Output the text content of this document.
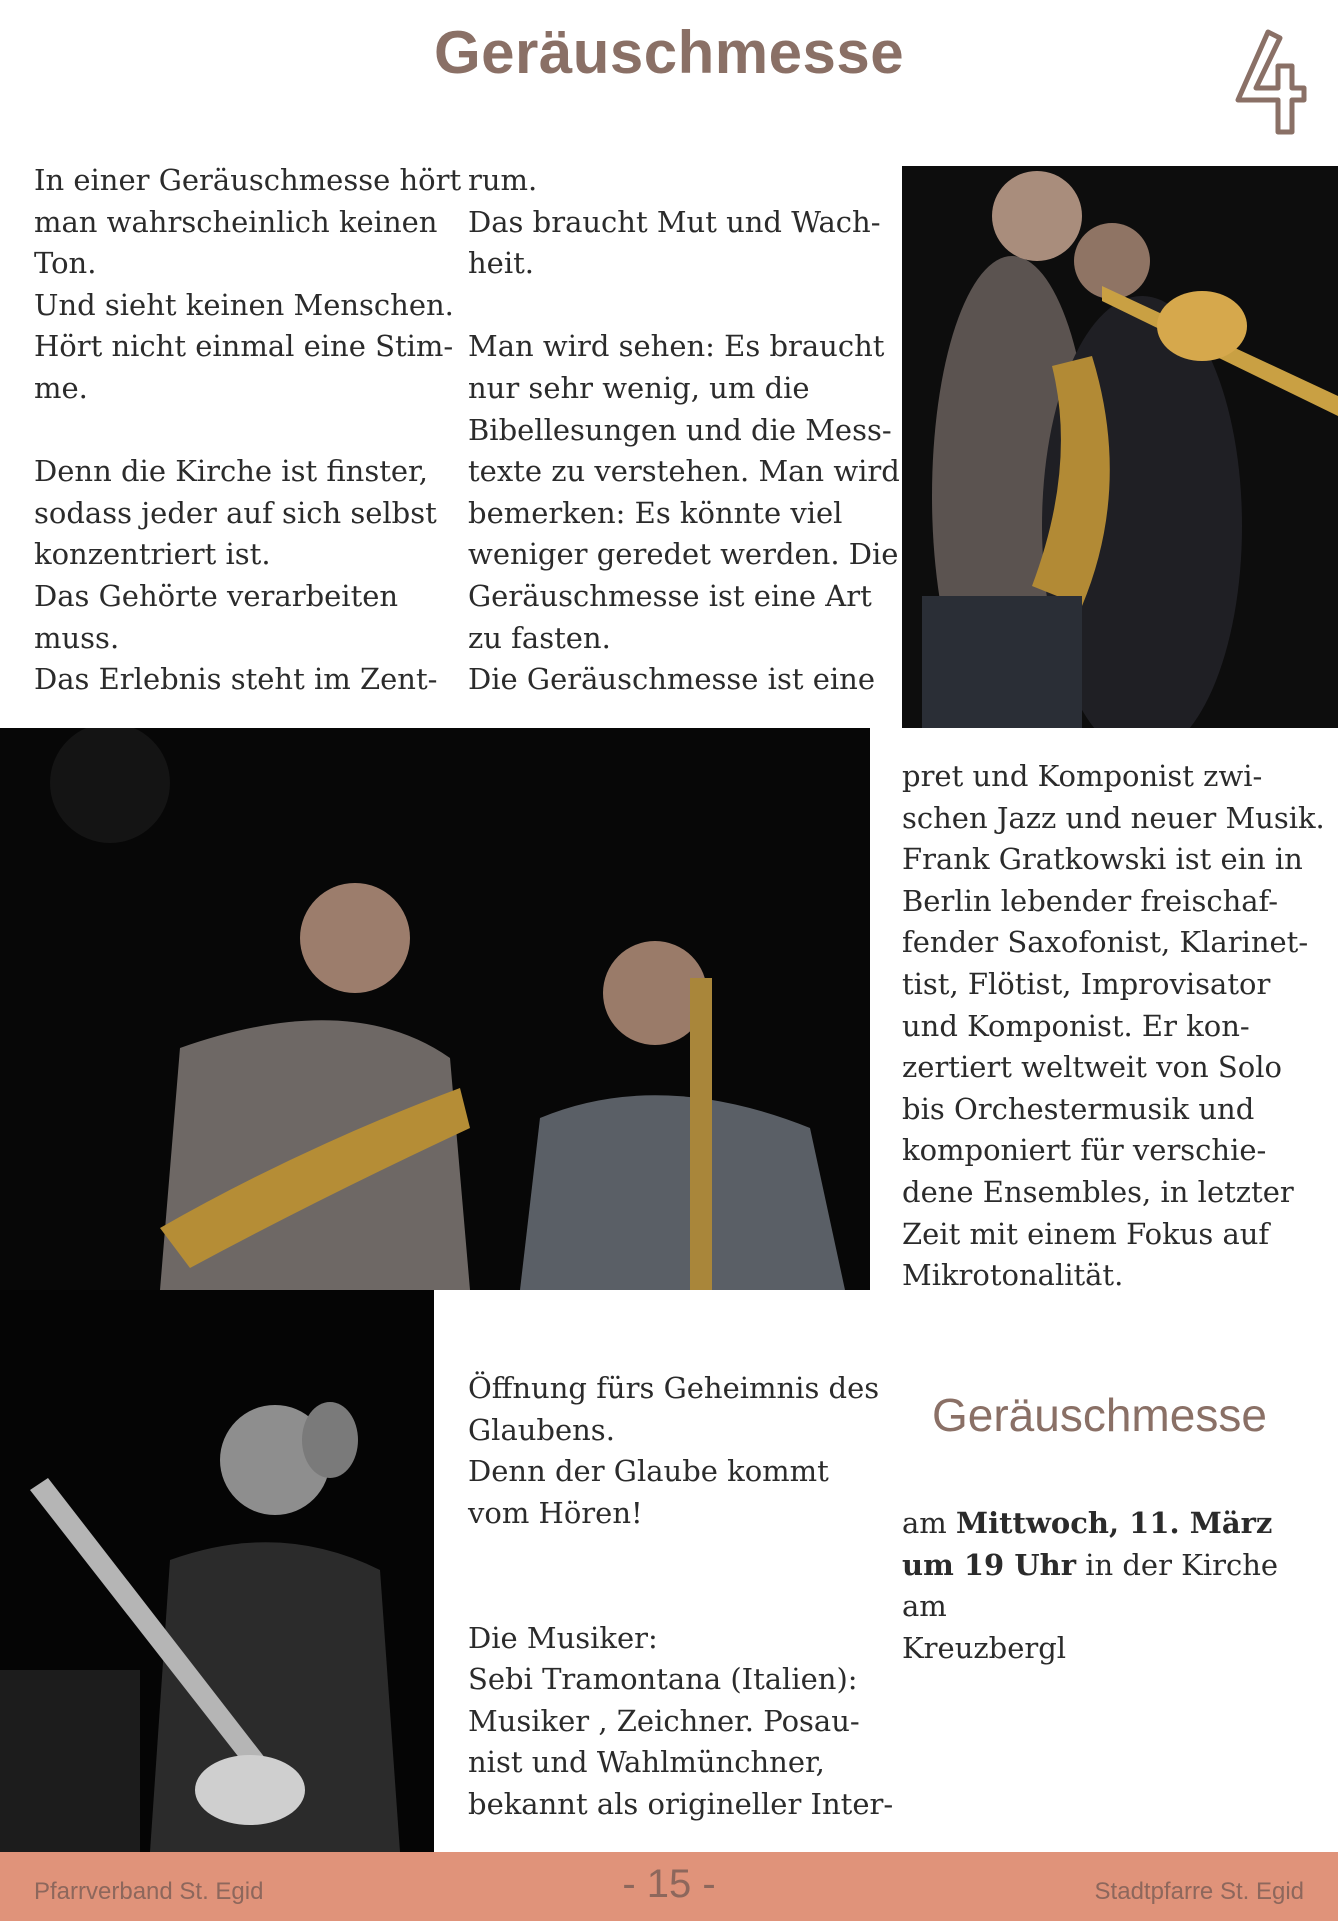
Geräuschmesse
In einer Geräuschmesse hört
man wahrscheinlich keinen
Ton.
Und sieht keinen Menschen.
Hört nicht einmal eine Stim-
me.

Denn die Kirche ist finster,
sodass jeder auf sich selbst
konzentriert ist.
Das Gehörte verarbeiten
muss.
Das Erlebnis steht im Zent-
rum.
Das braucht Mut und Wach-
heit.

Man wird sehen: Es braucht
nur sehr wenig, um die
Bibellesungen und die Mess-
texte zu verstehen. Man wird
bemerken: Es könnte viel
weniger geredet werden. Die
Geräuschmesse ist eine Art
zu fasten.
Die Geräuschmesse ist eine
pret und Komponist zwi-
schen Jazz und neuer Musik.
Frank Gratkowski ist ein in
Berlin lebender freischaf-
fender Saxofonist, Klarinet-
tist, Flötist, Improvisator
und Komponist. Er kon-
zertiert weltweit von Solo
bis Orchestermusik und
komponiert für verschie-
dene Ensembles, in letzter
Zeit mit einem Fokus auf
Mikrotonalität.
Öffnung fürs Geheimnis des
Glaubens.
Denn der Glaube kommt
vom Hören!

Die Musiker:
Sebi Tramontana (Italien):
Musiker , Zeichner. Posau-
nist und Wahlmünchner,
bekannt als origineller Inter-
Geräuschmesse

am Mittwoch, 11. März

um 19 Uhr in der Kirche am

Kreuzbergl

Pfarrverband St. Egid	- 15 -	Stadtpfarre St. Egid
